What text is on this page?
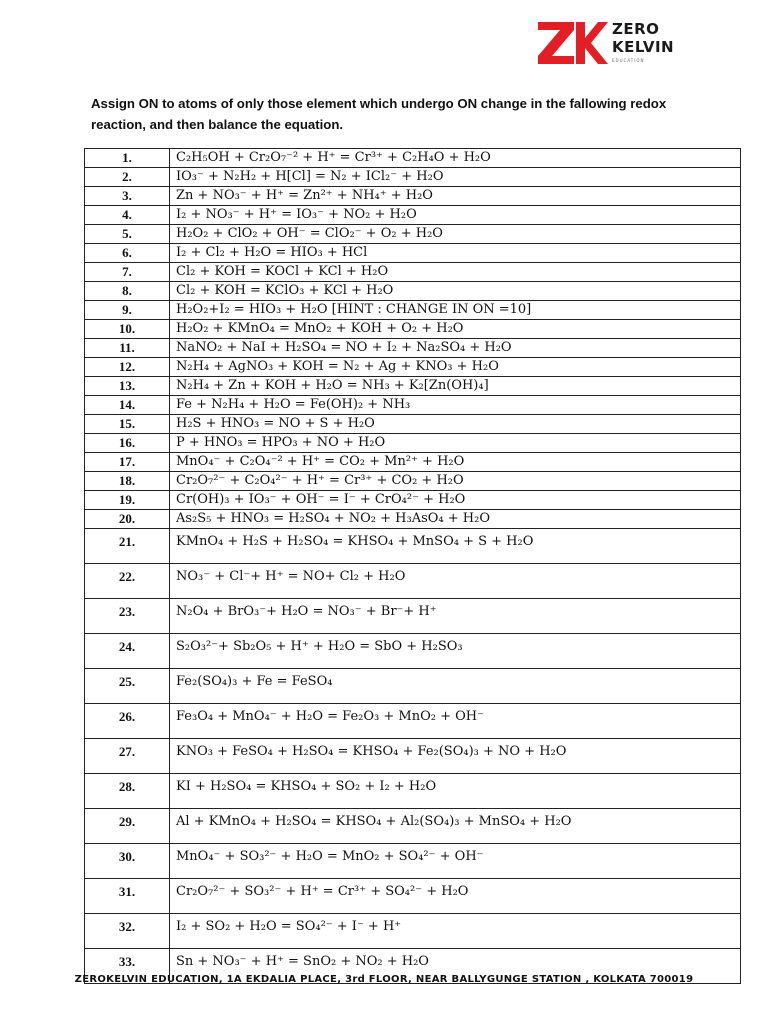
ZERO
KELVIN
EDUCATION
Assign ON to atoms of only those element which undergo ON change in the fallowing redox reaction, and then balance the equation.
1.	C₂H₅OH + Cr₂O₇⁻² + H⁺ = Cr³⁺ + C₂H₄O + H₂O
2.	IO₃⁻ + N₂H₂ + H[Cl] = N₂ + ICl₂⁻ + H₂O
3.	Zn + NO₃⁻ + H⁺ = Zn²⁺ + NH₄⁺ + H₂O
4.	I₂ + NO₃⁻ + H⁺ = IO₃⁻ + NO₂ + H₂O
5.	H₂O₂ + ClO₂ + OH⁻ = ClO₂⁻ + O₂ + H₂O
6.	I₂ + Cl₂ + H₂O = HIO₃ + HCl
7.	Cl₂ + KOH = KOCl + KCl + H₂O
8.	Cl₂ + KOH = KClO₃ + KCl + H₂O
9.	H₂O₂+I₂ = HIO₃ + H₂O [HINT : CHANGE IN ON =10]
10.	H₂O₂ + KMnO₄ = MnO₂ + KOH + O₂ + H₂O
11.	NaNO₂ + NaI + H₂SO₄ = NO + I₂ + Na₂SO₄ + H₂O
12.	N₂H₄ + AgNO₃ + KOH = N₂ + Ag + KNO₃ + H₂O
13.	N₂H₄ + Zn + KOH + H₂O = NH₃ + K₂[Zn(OH)₄]
14.	Fe + N₂H₄ + H₂O = Fe(OH)₂ + NH₃
15.	H₂S + HNO₃ = NO + S + H₂O
16.	P + HNO₃ = HPO₃ + NO + H₂O
17.	MnO₄⁻ + C₂O₄⁻² + H⁺ = CO₂ + Mn²⁺ + H₂O
18.	Cr₂O₇²⁻ + C₂O₄²⁻ + H⁺ = Cr³⁺ + CO₂ + H₂O
19.	Cr(OH)₃ + IO₃⁻ + OH⁻ = I⁻ + CrO₄²⁻ + H₂O
20.	As₂S₅ + HNO₃ = H₂SO₄ + NO₂ + H₃AsO₄ + H₂O
21.	KMnO₄ + H₂S + H₂SO₄ = KHSO₄ + MnSO₄ + S + H₂O
22.	NO₃⁻ + Cl⁻+ H⁺ = NO+ Cl₂ + H₂O
23.	N₂O₄ + BrO₃⁻+ H₂O = NO₃⁻ + Br⁻+ H⁺
24.	S₂O₃²⁻+ Sb₂O₅ + H⁺ + H₂O = SbO + H₂SO₃
25.	Fe₂(SO₄)₃ + Fe = FeSO₄
26.	Fe₃O₄ + MnO₄⁻ + H₂O = Fe₂O₃ + MnO₂ + OH⁻
27.	KNO₃ + FeSO₄ + H₂SO₄ = KHSO₄ + Fe₂(SO₄)₃ + NO + H₂O
28.	KI + H₂SO₄ = KHSO₄ + SO₂ + I₂ + H₂O
29.	Al + KMnO₄ + H₂SO₄ = KHSO₄ + Al₂(SO₄)₃ + MnSO₄ + H₂O
30.	MnO₄⁻ + SO₃²⁻ + H₂O = MnO₂ + SO₄²⁻ + OH⁻
31.	Cr₂O₇²⁻ + SO₃²⁻ + H⁺ = Cr³⁺ + SO₄²⁻ + H₂O
32.	I₂ + SO₂ + H₂O = SO₄²⁻ + I⁻ + H⁺
33.	Sn + NO₃⁻ + H⁺ = SnO₂ + NO₂ + H₂O
ZEROKELVIN EDUCATION, 1A EKDALIA PLACE, 3rd FLOOR, NEAR BALLYGUNGE STATION , KOLKATA 700019
